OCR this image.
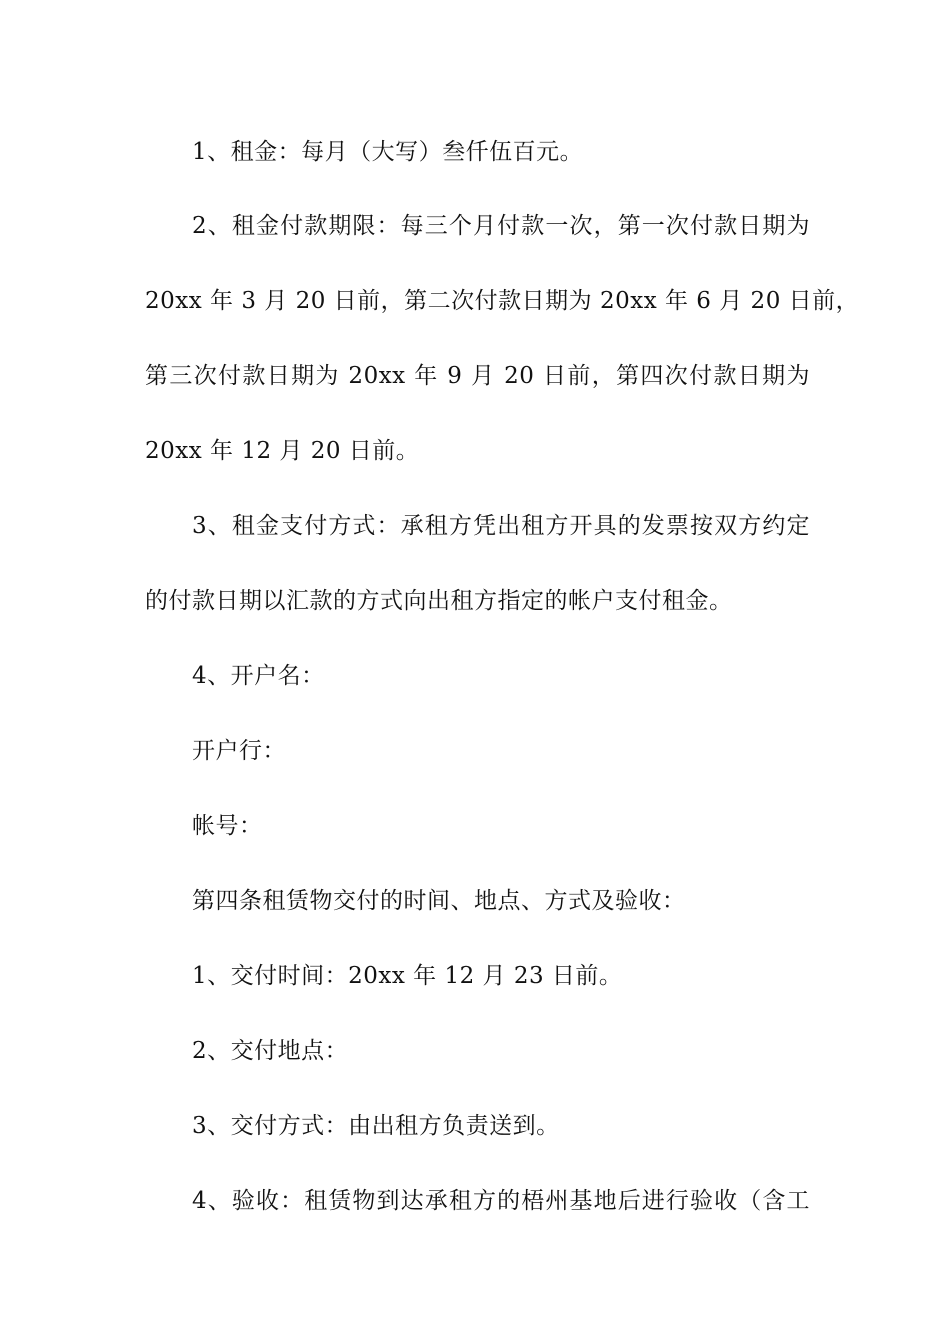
1、租金：每月（大写）叁仟伍百元。
2、租金付款期限：每三个月付款一次，第一次付款日期为
20xx 年 3 月 20 日前，第二次付款日期为 20xx 年 6 月 20 日前，
第三次付款日期为 20xx 年 9 月 20 日前，第四次付款日期为
20xx 年 12 月 20 日前。
3、租金支付方式：承租方凭出租方开具的发票按双方约定
的付款日期以汇款的方式向出租方指定的帐户支付租金。
4、开户名：
开户行：
帐号：
第四条租赁物交付的时间、地点、方式及验收：
1、交付时间：20xx 年 12 月 23 日前。
2、交付地点：
3、交付方式：由出租方负责送到。
4、验收：租赁物到达承租方的梧州基地后进行验收（含工
